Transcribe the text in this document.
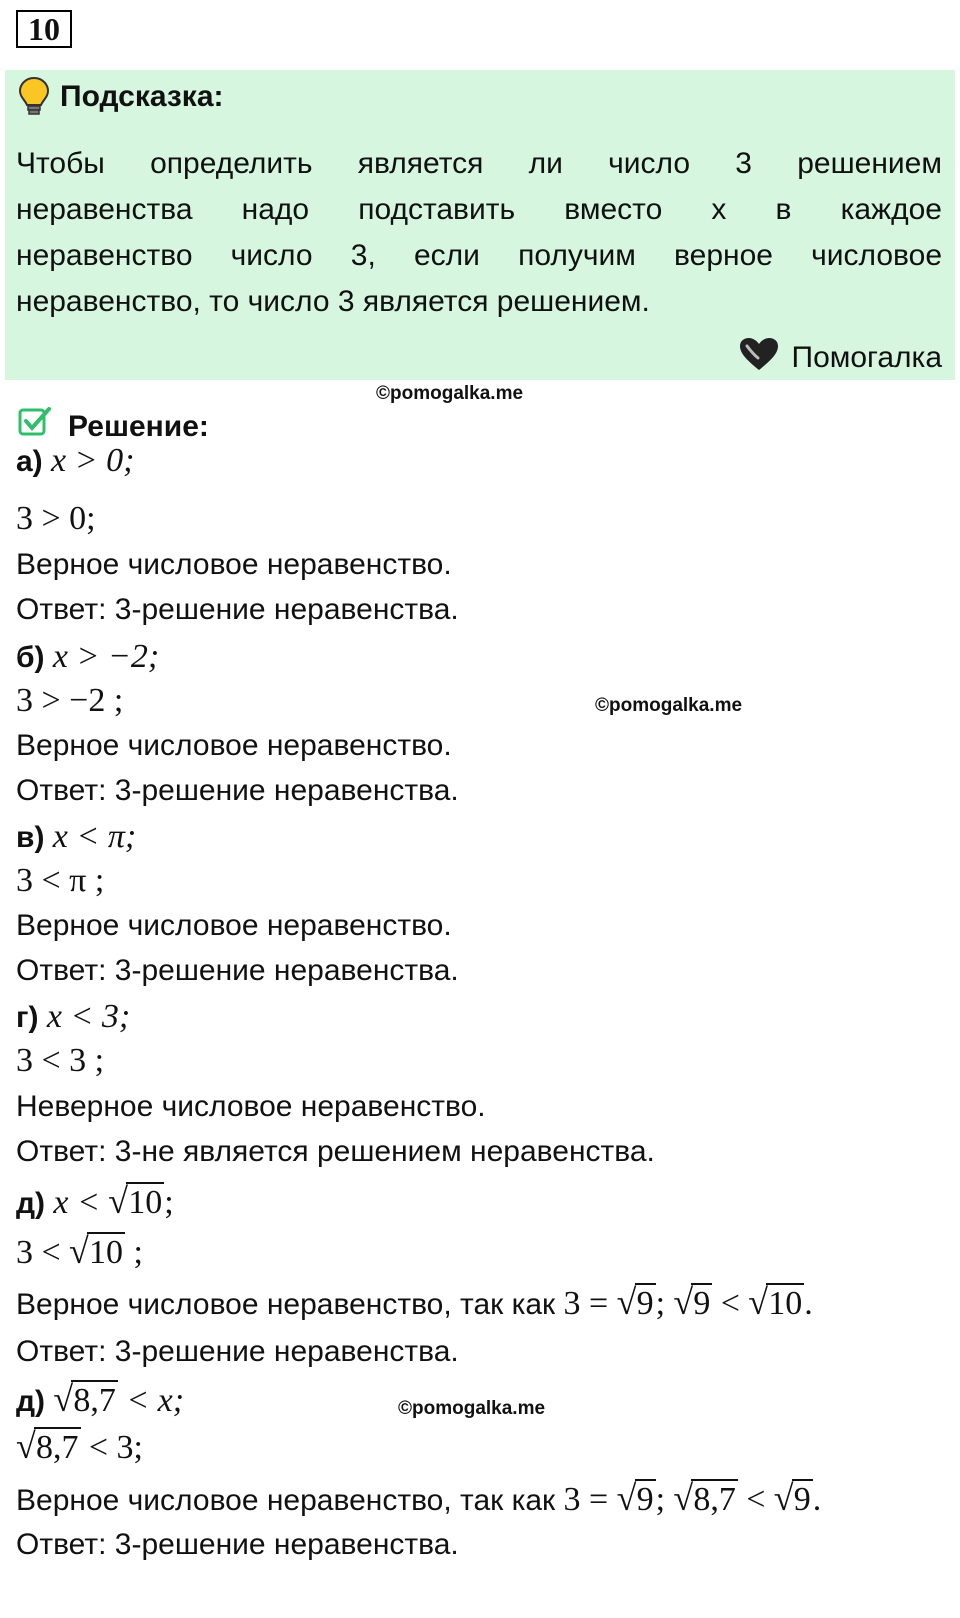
10
Подсказка:
Чтобы определить является ли число 3 решением
неравенства надо подставить вместо x в каждое
неравенство число 3, если получим верное числовое
неравенство, то число 3 является решением.
Помогалка
©pomogalka.me
©pomogalka.me
©pomogalka.me
Решение:
а) x > 0;
3 > 0;
Верное числовое неравенство.
Ответ: 3-решение неравенства.
б) x > −2;
3 > −2 ;
Верное числовое неравенство.
Ответ: 3-решение неравенства.
в) x < π;
3 < π ;
Верное числовое неравенство.
Ответ: 3-решение неравенства.
г) x < 3;
3 < 3 ;
Неверное числовое неравенство.
Ответ: 3-не является решением неравенства.
д) x < √ 10;
3 < √ 10 ;
Верное числовое неравенство, так как 3 = √ 9; √ 9 < √ 10.
Ответ: 3-решение неравенства.
д) √ 8,7 < x;
√ 8,7 < 3;
Верное числовое неравенство, так как 3 = √ 9; √ 8,7 < √ 9.
Ответ: 3-решение неравенства.
